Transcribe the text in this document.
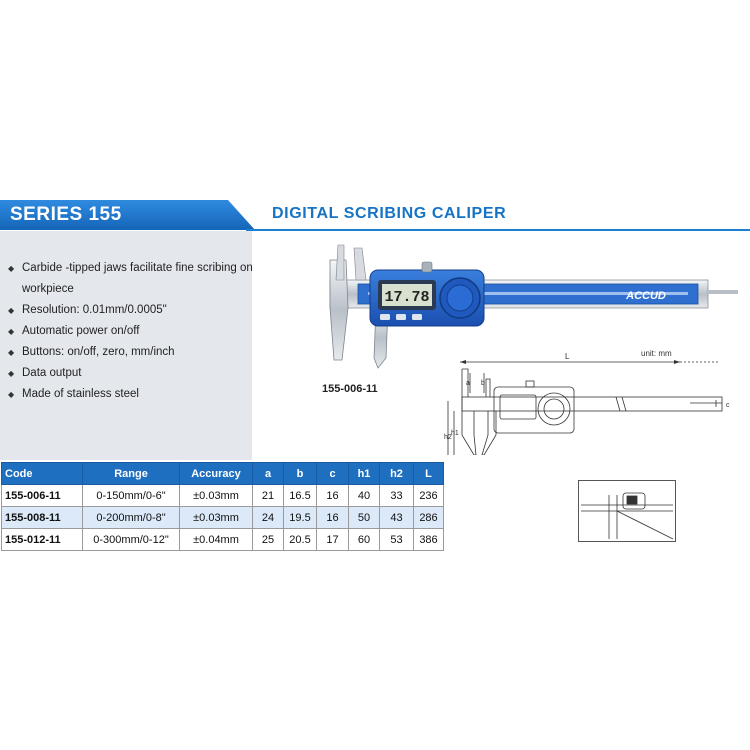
SERIES 155	DIGITAL SCRIBING CALIPER
◆ Carbide -tipped jaws facilitate fine scribing on workpiece
◆ Resolution: 0.01mm/0.0005"
◆ Automatic power on/off
◆ Buttons: on/off, zero, mm/inch
◆ Data output
◆ Made of stainless steel
17.78	ACCUD
155-006-11
unit: mm
L
a b
h2
h1
c
Code	Range	Accuracy	a	b	c	h1	h2	L
155-006-11	0-150mm/0-6"	±0.03mm	21	16.5	16	40	33	236
155-008-11	0-200mm/0-8"	±0.03mm	24	19.5	16	50	43	286
155-012-11	0-300mm/0-12"	±0.04mm	25	20.5	17	60	53	386
